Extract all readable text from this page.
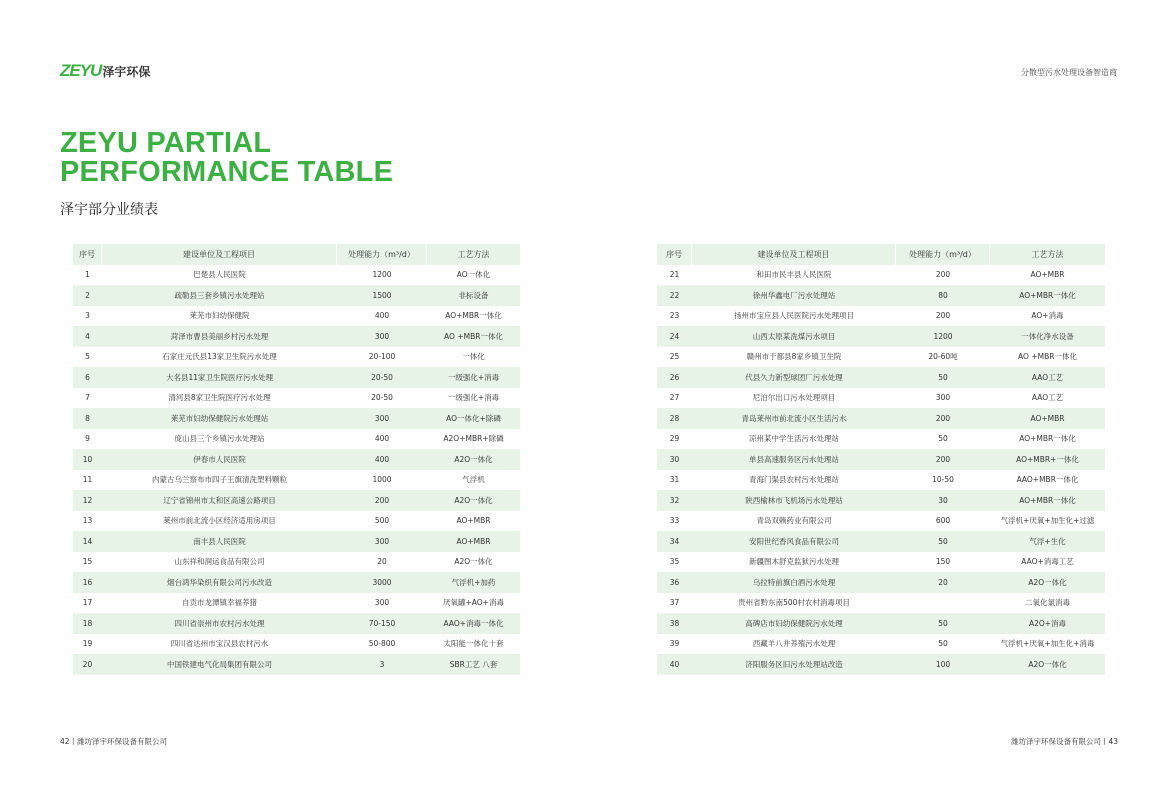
ZEYU 泽宇环保	分散型污水处理设备智造商
ZEYU PARTIAL
PERFORMANCE TABLE
泽宇部分业绩表
序号	建设单位及工程项目	处理能力（m³/d）	工艺方法
1	巴楚县人民医院	1200	AO一体化
2	疏勒县三套乡镇污水处理站	1500	非标设备
3	莱芜市妇幼保健院	400	AO+MBR一体化
4	菏泽市曹县美丽乡村污水处理	300	AO +MBR一体化
5	石家庄元氏县13家卫生院污水处理	20-100	一体化
6	大名县11家卫生院医疗污水处理	20-50	一级强化+消毒
7	清河县8家卫生院医疗污水处理	20-50	一级强化+消毒
8	莱芜市妇幼保健院污水处理站	300	AO一体化+除磷
9	庞山县三个乡镇污水处理站	400	A2O+MBR+除磷
10	伊春市人民医院	400	A2O一体化
11	内蒙古乌兰察布市四子王旗清洗塑料颗粒	1000	气浮机
12	辽宁省锦州市太和区高速公路项目	200	A2O一体化
13	莱州市前北流小区经济适用房项目	500	AO+MBR
14	南丰县人民医院	300	AO+MBR
15	山东祥和润运食品有限公司	20	A2O一体化
16	烟台鸿华染织有限公司污水改造	3000	气浮机+加药
17	自贡市龙潭镇幸福养猪	300	厌氧罐+AO+消毒
18	四川省崇州市农村污水处理	70-150	AAO+消毒一体化
19	四川省达州市宝汉县农村污水	50-800	太阳能一体化十套
20	中国铁建电气化局集团有限公司	3	SBR工艺 八套
序号	建设单位及工程项目	处理能力（m³/d）	工艺方法
21	和田市民丰县人民医院	200	AO+MBR
22	徐州华鑫电厂污水处理站	80	AO+MBR一体化
23	扬州市宝应县人民医院污水处理项目	200	AO+消毒
24	山西太原某洗煤污水项目	1200	一体化净水设备
25	赣州市于都县8家乡镇卫生院	20-60吨	AO +MBR一体化
26	代县久力新型球团厂污水处理	50	AAO工艺
27	尼泊尔出口污水处理项目	300	AAO工艺
28	青岛莱州市前北流小区生活污水	200	AO+MBR
29	凉州某中学生活污水处理站	50	AO+MBR一体化
30	单县高速服务区污水处理站	200	AO+MBR+一体化
31	青海门渠县农村污水处理站	10-50	AAO+MBR一体化
32	陕西榆林市飞机场污水处理站	30	AO+MBR一体化
33	青岛双赖药业有限公司	600	气浮机+厌氧+加生化+过滤
34	安阳世纪香风食品有限公司	50	气浮+生化
35	新疆图木舒克监狱污水处理	150	AAO+消毒工艺
36	乌拉特前旗白酒污水处理	20	A2O一体化
37	贵州省黔东南500村农村消毒项目		二氧化氯消毒
38	高碑店市妇幼保健院污水处理	50	A2O+消毒
39	西藏羊八井养殖污水处理	50	气浮机+厌氧+加生化+消毒
40	济阳服务区旧污水处理站改造	100	A2O一体化
42丨潍坊泽宇环保设备有限公司	潍坊泽宇环保设备有限公司丨43
